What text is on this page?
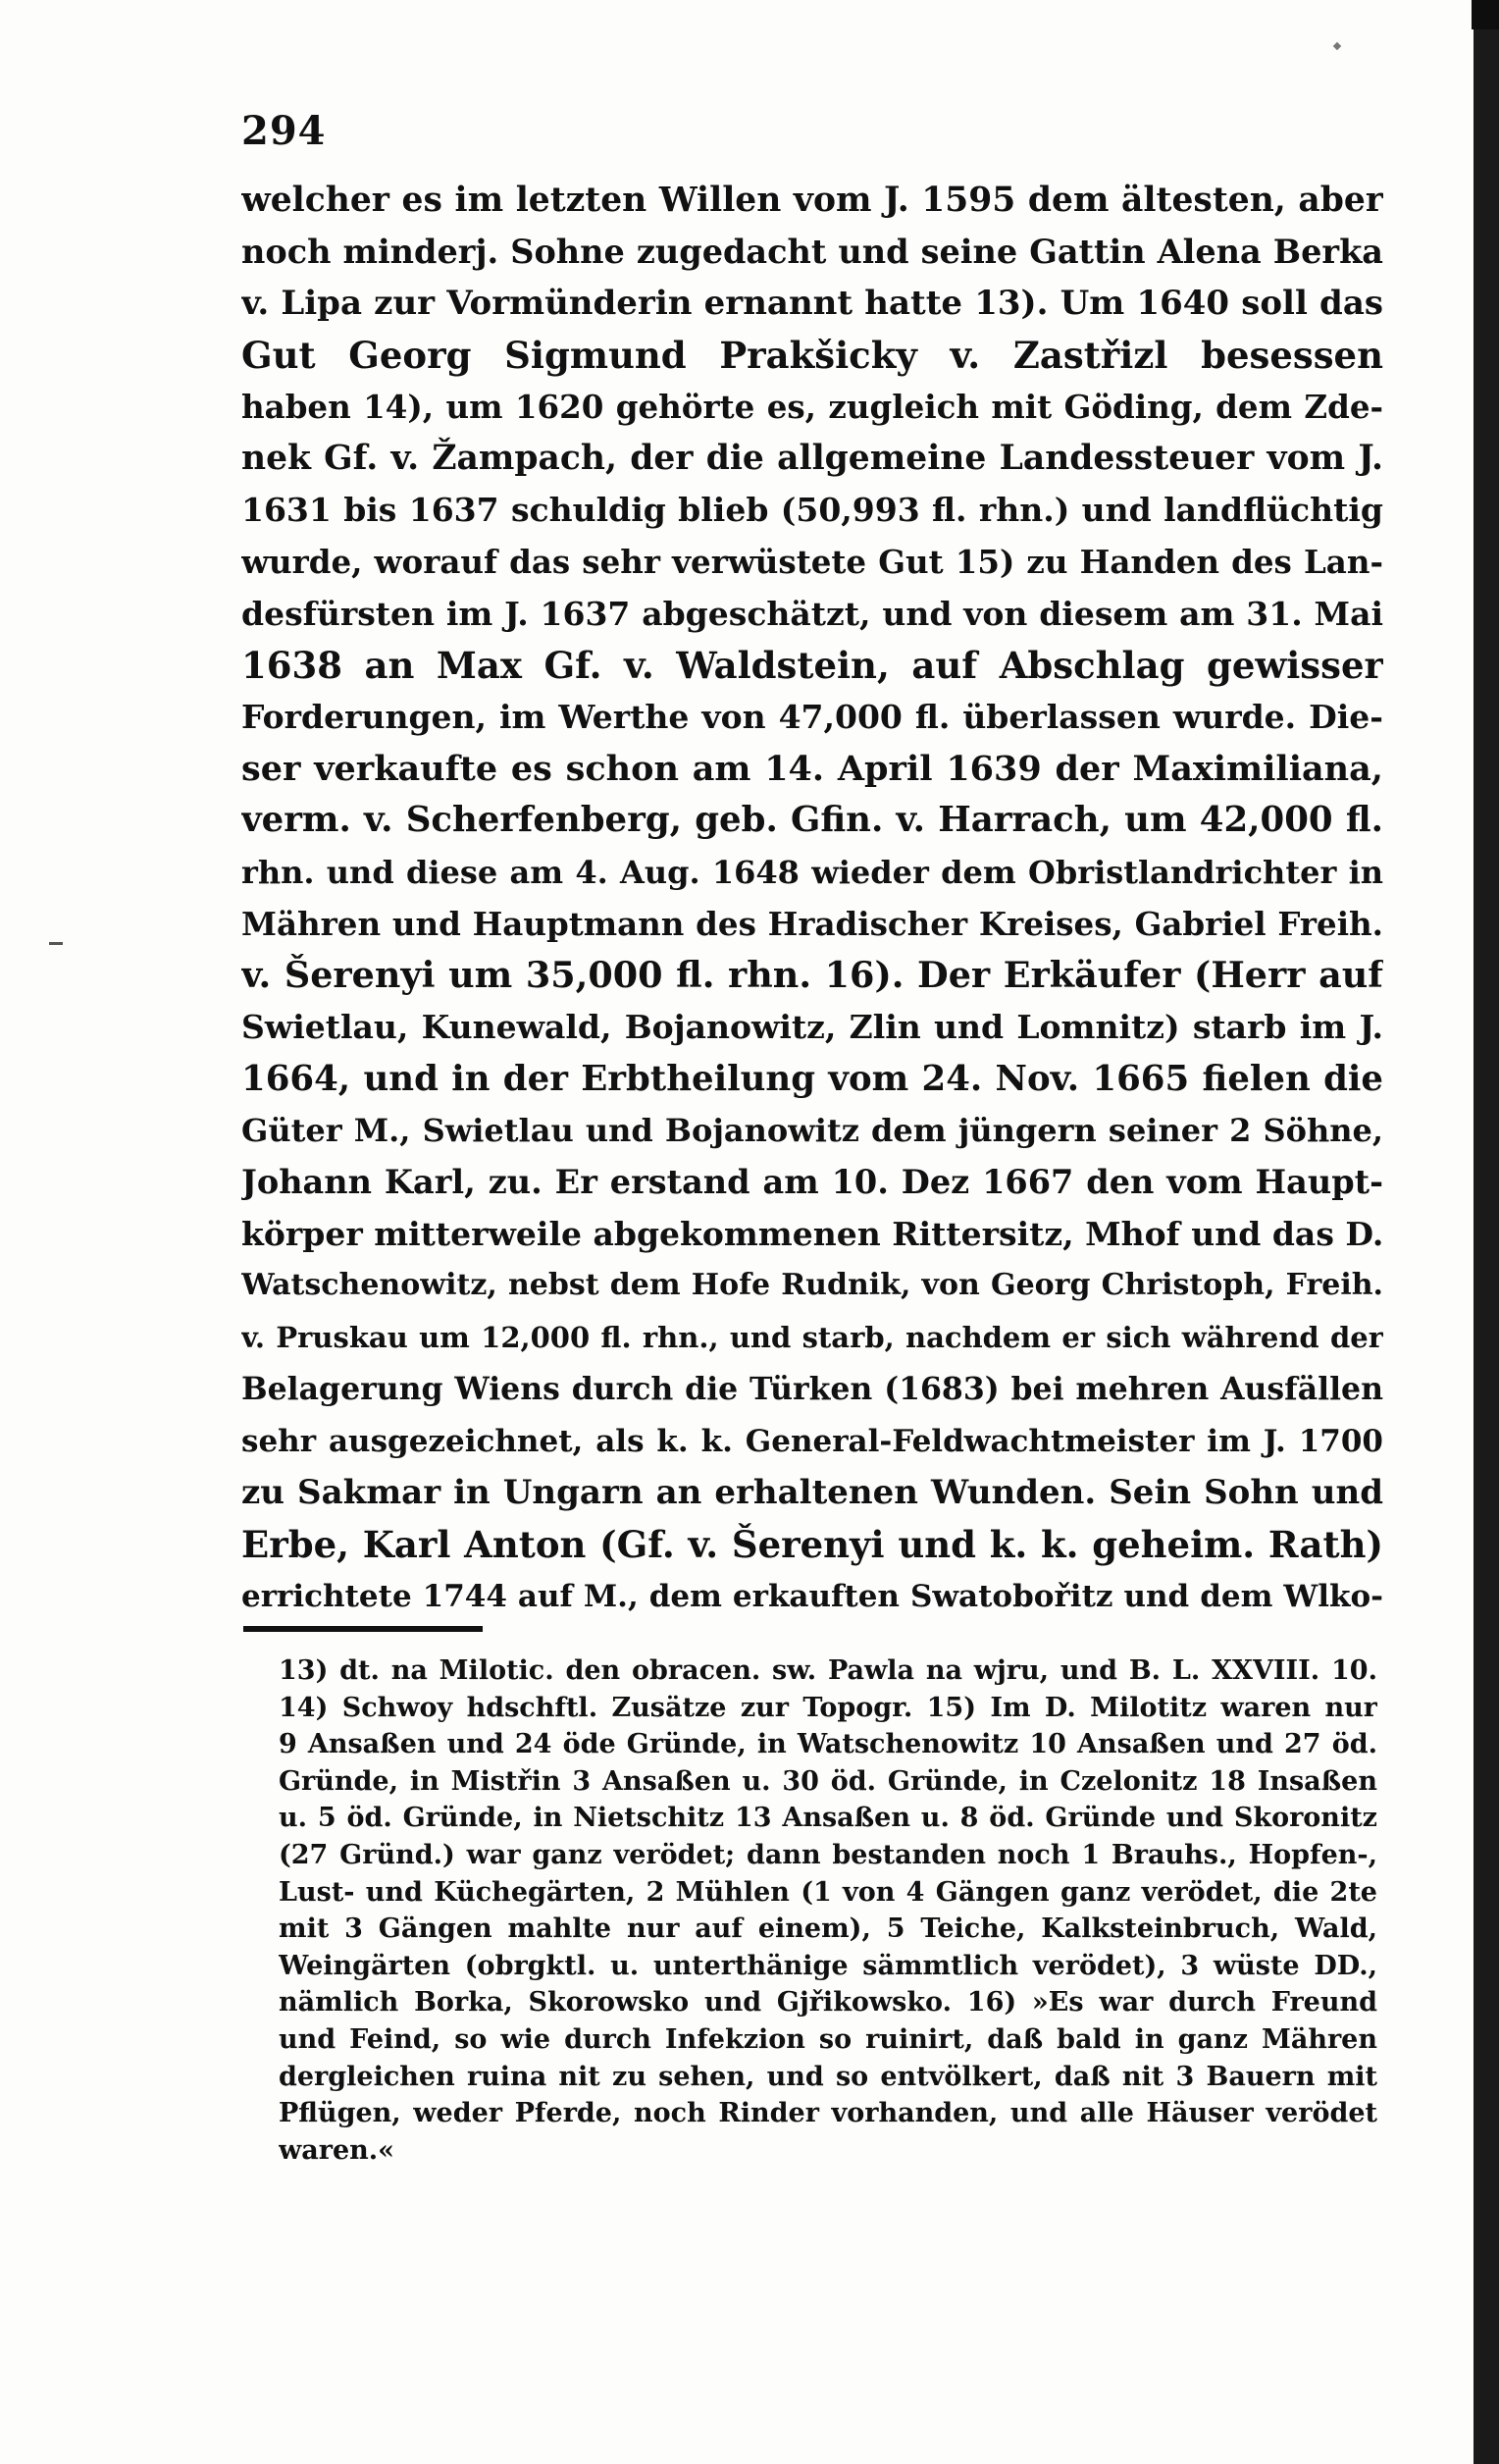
294
welcher es im letzten Willen vom J. 1595 dem ältesten, aber
noch minderj. Sohne zugedacht und seine Gattin Alena Berka
v. Lipa zur Vormünderin ernannt hatte 13). Um 1640 soll das
Gut Georg Sigmund Prakšicky v. Zastřizl besessen
haben 14), um 1620 gehörte es, zugleich mit Göding, dem Zde-
nek Gf. v. Žampach, der die allgemeine Landessteuer vom J.
1631 bis 1637 schuldig blieb (50,993 fl. rhn.) und landflüchtig
wurde, worauf das sehr verwüstete Gut 15) zu Handen des Lan-
desfürsten im J. 1637 abgeschätzt, und von diesem am 31. Mai
1638 an Max Gf. v. Waldstein, auf Abschlag gewisser
Forderungen, im Werthe von 47,000 fl. überlassen wurde. Die-
ser verkaufte es schon am 14. April 1639 der Maximiliana,
verm. v. Scherfenberg, geb. Gfin. v. Harrach, um 42,000 fl.
rhn. und diese am 4. Aug. 1648 wieder dem Obristlandrichter in
Mähren und Hauptmann des Hradischer Kreises, Gabriel Freih.
v. Šerenyi um 35,000 fl. rhn. 16). Der Erkäufer (Herr auf
Swietlau, Kunewald, Bojanowitz, Zlin und Lomnitz) starb im J.
1664, und in der Erbtheilung vom 24. Nov. 1665 fielen die
Güter M., Swietlau und Bojanowitz dem jüngern seiner 2 Söhne,
Johann Karl, zu. Er erstand am 10. Dez 1667 den vom Haupt-
körper mitterweile abgekommenen Rittersitz, Mhof und das D.
Watschenowitz, nebst dem Hofe Rudnik, von Georg Christoph, Freih.
v. Pruskau um 12,000 fl. rhn., und starb, nachdem er sich während der
Belagerung Wiens durch die Türken (1683) bei mehren Ausfällen
sehr ausgezeichnet, als k. k. General-Feldwachtmeister im J. 1700
zu Sakmar in Ungarn an erhaltenen Wunden. Sein Sohn und
Erbe, Karl Anton (Gf. v. Šerenyi und k. k. geheim. Rath)
errichtete 1744 auf M., dem erkauften Swatobořitz und dem Wlko-
13) dt. na Milotic. den obracen. sw. Pawla na wjru, und B. L. XXVIII. 10.
14) Schwoy hdschftl. Zusätze zur Topogr. 15) Im D. Milotitz waren nur
9 Ansaßen und 24 öde Gründe, in Watschenowitz 10 Ansaßen und 27 öd.
Gründe, in Mistřin 3 Ansaßen u. 30 öd. Gründe, in Czelonitz 18 Insaßen
u. 5 öd. Gründe, in Nietschitz 13 Ansaßen u. 8 öd. Gründe und Skoronitz
(27 Gründ.) war ganz verödet; dann bestanden noch 1 Brauhs., Hopfen-,
Lust- und Küchegärten, 2 Mühlen (1 von 4 Gängen ganz verödet, die 2te
mit 3 Gängen mahlte nur auf einem), 5 Teiche, Kalksteinbruch, Wald,
Weingärten (obrgktl. u. unterthänige sämmtlich verödet), 3 wüste DD.,
nämlich Borka, Skorowsko und Gjřikowsko. 16) »Es war durch Freund
und Feind, so wie durch Infekzion so ruinirt, daß bald in ganz Mähren
dergleichen ruina nit zu sehen, und so entvölkert, daß nit 3 Bauern mit
Pflügen, weder Pferde, noch Rinder vorhanden, und alle Häuser verödet
waren.«
